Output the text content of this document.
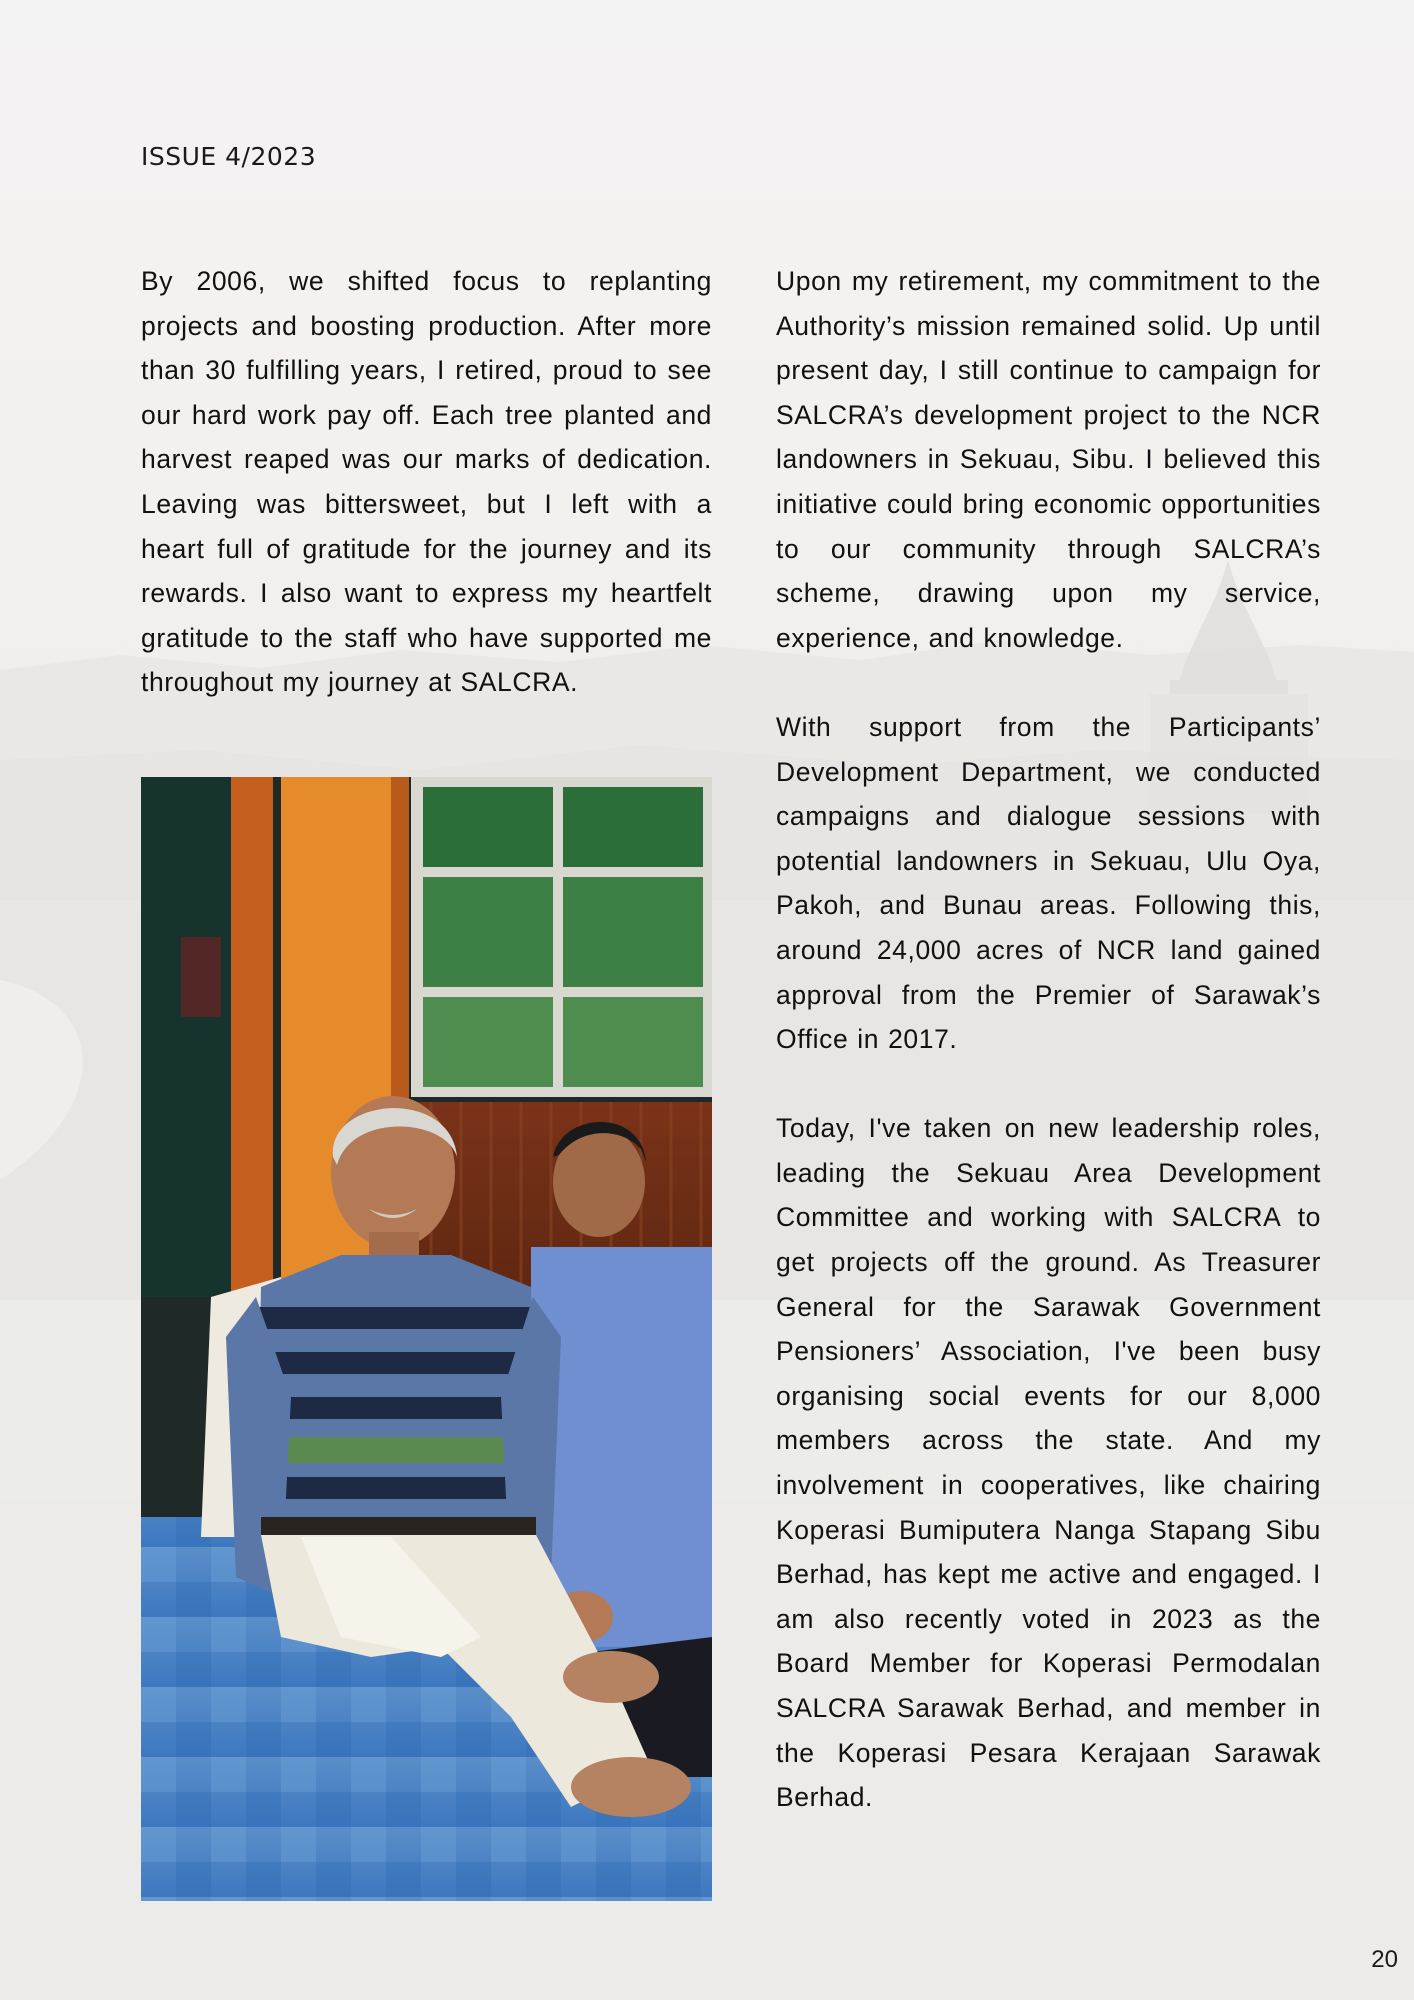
ISSUE 4/2023

By 2006, we shifted focus to replanting projects and boosting production. After more than 30 fulfilling years, I retired, proud to see our hard work pay off. Each tree planted and harvest reaped was our marks of dedication. Leaving was bittersweet, but I left with a heart full of gratitude for the journey and its rewards. I also want to express my heartfelt gratitude to the staff who have supported me throughout my journey at SALCRA.

Upon my retirement, my commitment to the Authority’s mission remained solid. Up until present day, I still continue to campaign for SALCRA’s development project to the NCR landowners in Sekuau, Sibu. I believed this initiative could bring economic opportunities to our community through SALCRA’s scheme, drawing upon my service, experience, and knowledge.

With support from the Participants’ Development Department, we conducted campaigns and dialogue sessions with potential landowners in Sekuau, Ulu Oya, Pakoh, and Bunau areas. Following this, around 24,000 acres of NCR land gained approval from the Premier of Sarawak’s Office in 2017.

Today, I've taken on new leadership roles, leading the Sekuau Area Development Committee and working with SALCRA to get projects off the ground. As Treasurer General for the Sarawak Government Pensioners’ Association, I've been busy organising social events for our 8,000 members across the state. And my involvement in cooperatives, like chairing Koperasi Bumiputera Nanga Stapang Sibu Berhad, has kept me active and engaged. I am also recently voted in 2023 as the Board Member for Koperasi Permodalan SALCRA Sarawak Berhad, and member in the Koperasi Pesara Kerajaan Sarawak Berhad.

20
